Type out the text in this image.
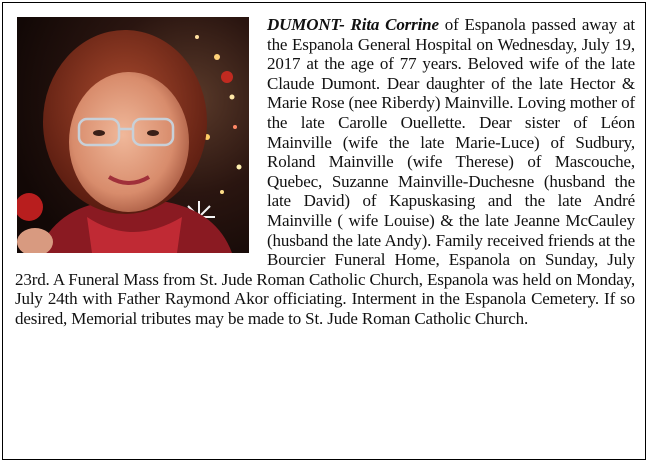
DUMONT- Rita Corrine of Espanola passed away at the Espanola General Hospital on Wednesday, July 19, 2017 at the age of 77 years. Beloved wife of the late Claude Dumont. Dear daughter of the late Hector & Marie Rose (nee Riberdy) Mainville. Loving mother of the late Carolle Ouellette. Dear sister of Léon Mainville (wife the late Marie-Luce) of Sudbury, Roland Mainville (wife Therese) of Mascouche, Quebec, Suzanne Mainville-Duchesne (husband the late David) of Kapuskasing and the late André Mainville ( wife Louise) & the late Jeanne McCauley (husband the late Andy). Family received friends at the Bourcier Funeral Home, Espanola on Sunday, July 23rd. A Funeral Mass from St. Jude Roman Catholic Church, Espanola was held on Monday, July 24th with Father Raymond Akor officiating. Interment in the Espanola Cemetery. If so desired, Memorial tributes may be made to St. Jude Roman Catholic Church.
